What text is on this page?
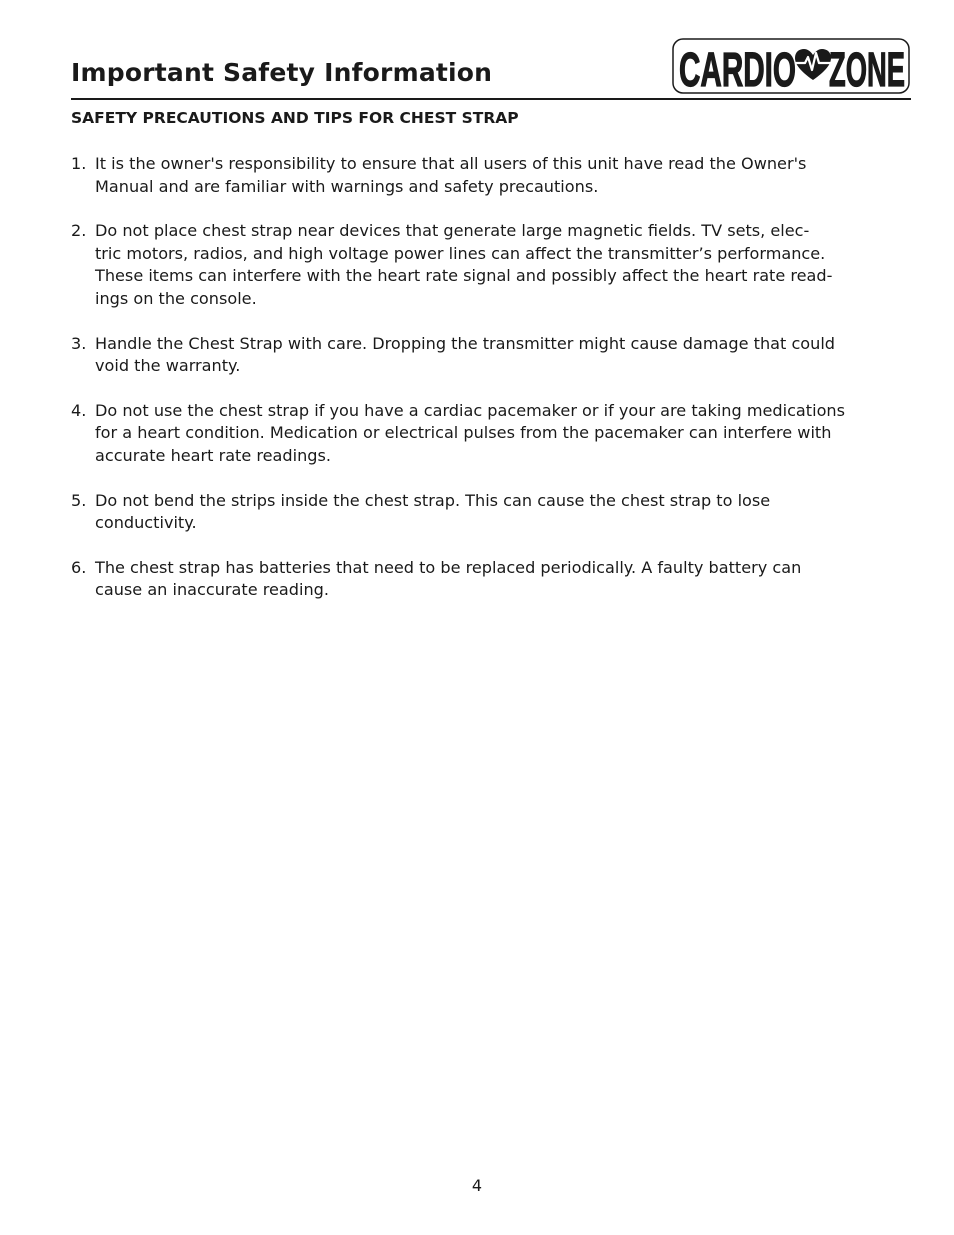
Important Safety Information	CARDIO ZONE
SAFETY PRECAUTIONS AND TIPS FOR CHEST STRAP
1. It is the owner's responsibility to ensure that all users of this unit have read the Owner's
Manual and are familiar with warnings and safety precautions.
2. Do not place chest strap near devices that generate large magnetic fields. TV sets, elec-
tric motors, radios, and high voltage power lines can affect the transmitter’s performance.
These items can interfere with the heart rate signal and possibly affect the heart rate read-
ings on the console.
3. Handle the Chest Strap with care. Dropping the transmitter might cause damage that could
void the warranty.
4. Do not use the chest strap if you have a cardiac pacemaker or if your are taking medications
for a heart condition. Medication or electrical pulses from the pacemaker can interfere with
accurate heart rate readings.
5. Do not bend the strips inside the chest strap. This can cause the chest strap to lose
conductivity.
6. The chest strap has batteries that need to be replaced periodically. A faulty battery can
cause an inaccurate reading.
4
